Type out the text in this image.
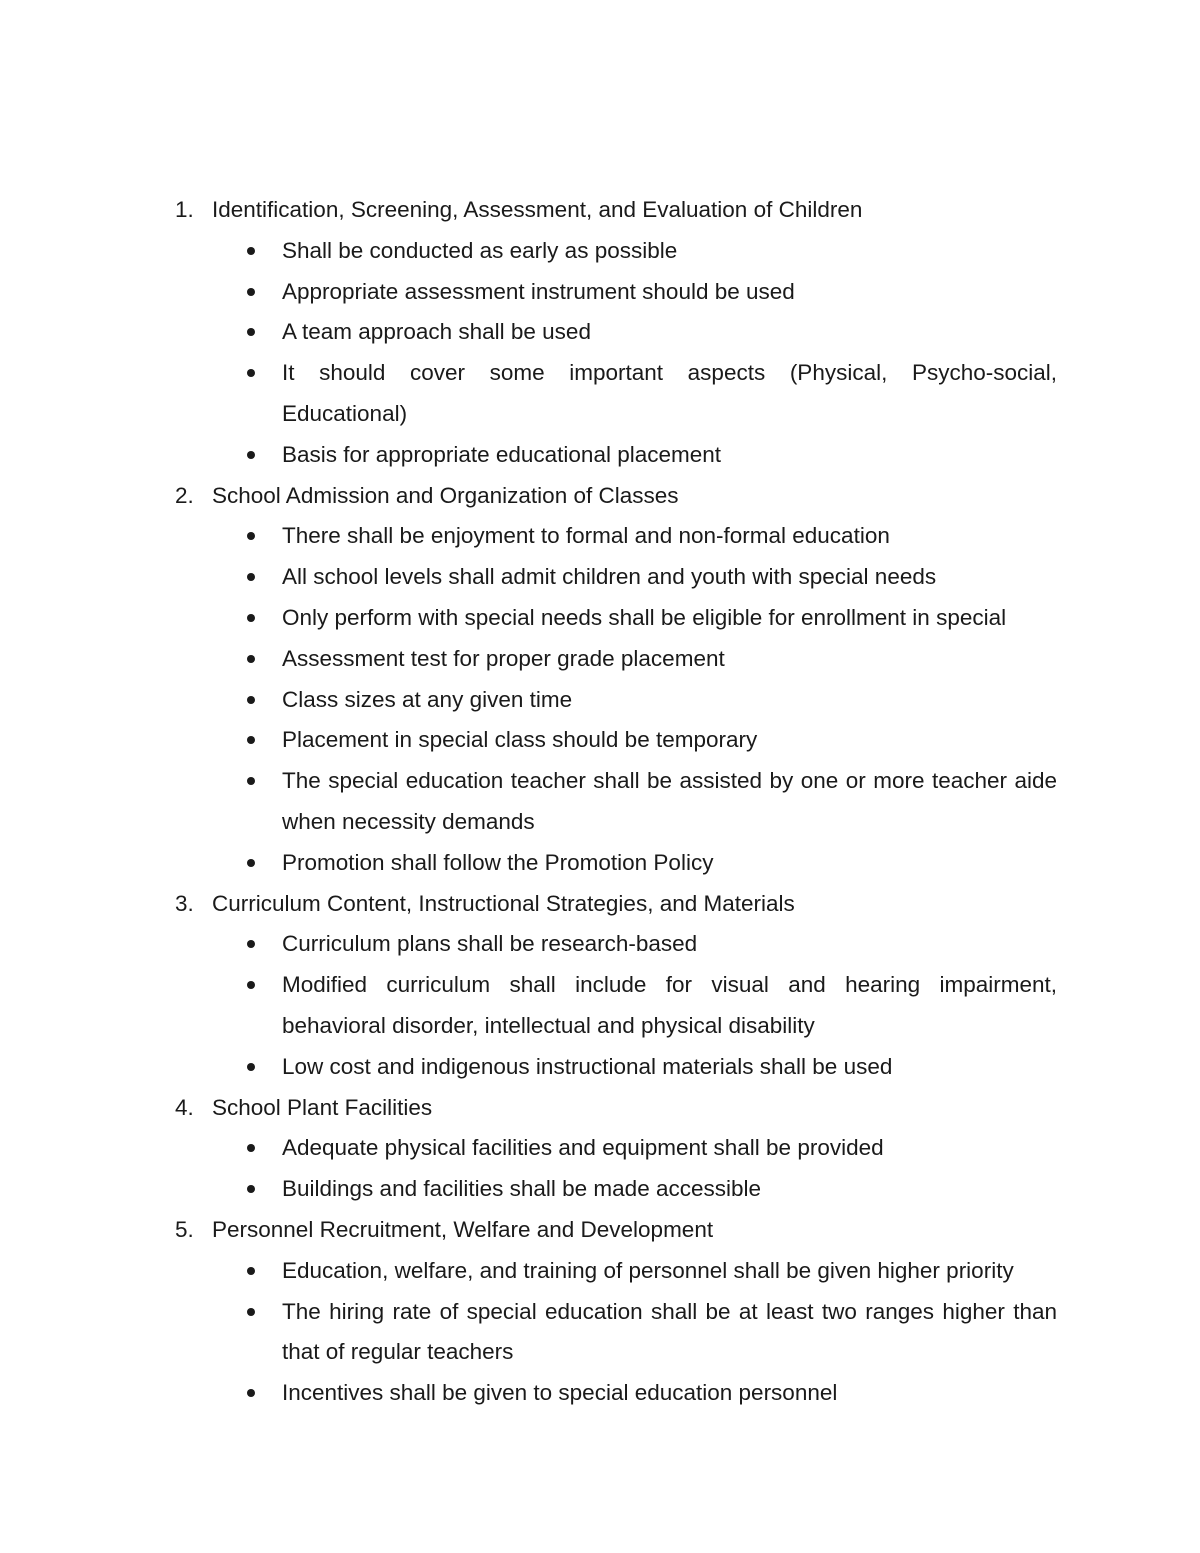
1. Identification, Screening, Assessment, and Evaluation of Children
Shall be conducted as early as possible
Appropriate assessment instrument should be used
A team approach shall be used
It should cover some important aspects (Physical, Psycho-social, Educational)
Basis for appropriate educational placement
2. School Admission and Organization of Classes
There shall be enjoyment to formal and non-formal education
All school levels shall admit children and youth with special needs
Only perform with special needs shall be eligible for enrollment in special
Assessment test for proper grade placement
Class sizes at any given time
Placement in special class should be temporary
The special education teacher shall be assisted by one or more teacher aide when necessity demands
Promotion shall follow the Promotion Policy
3. Curriculum Content, Instructional Strategies, and Materials
Curriculum plans shall be research-based
Modified curriculum shall include for visual and hearing impairment, behavioral disorder, intellectual and physical disability
Low cost and indigenous instructional materials shall be used
4. School Plant Facilities
Adequate physical facilities and equipment shall be provided
Buildings and facilities shall be made accessible
5. Personnel Recruitment, Welfare and Development
Education, welfare, and training of personnel shall be given higher priority
The hiring rate of special education shall be at least two ranges higher than that of regular teachers
Incentives shall be given to special education personnel
